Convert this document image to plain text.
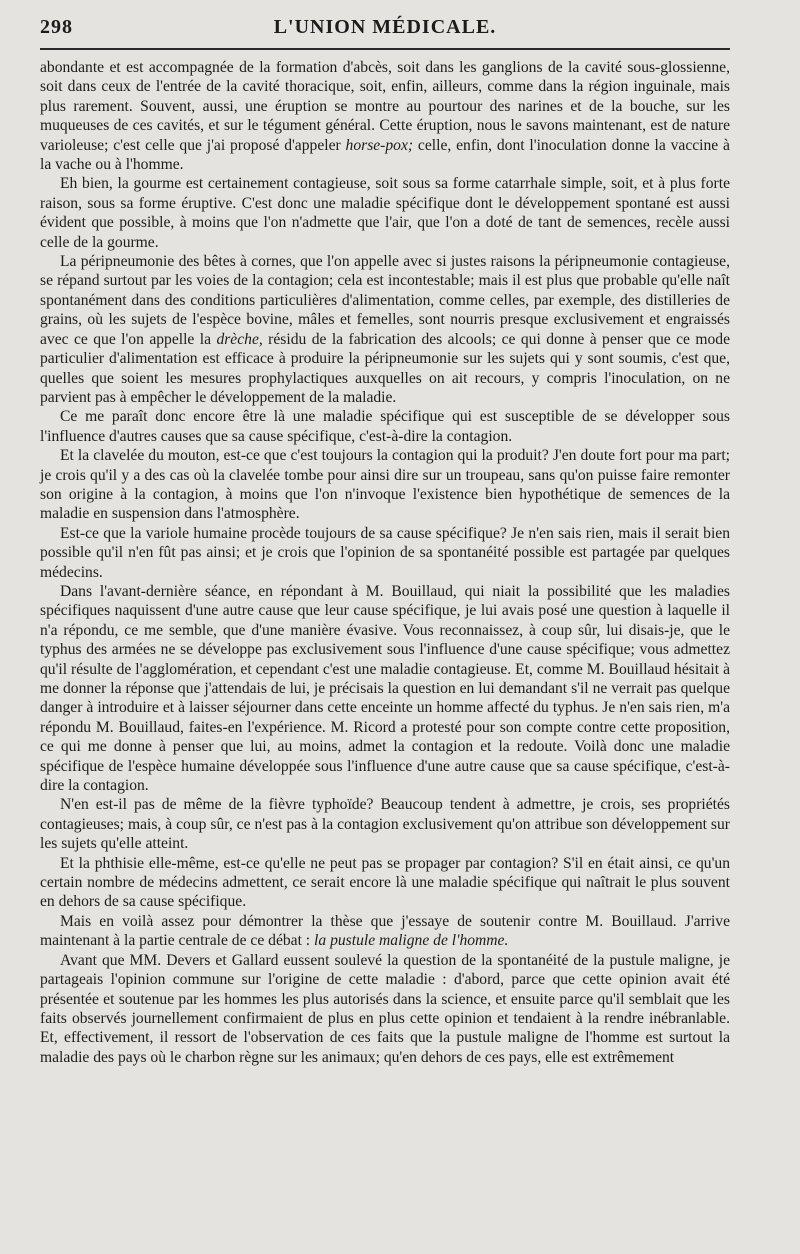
298	L'UNION MÉDICALE.

abondante et est accompagnée de la formation d'abcès, soit dans les ganglions de la cavité sous-glossienne, soit dans ceux de l'entrée de la cavité thoracique, soit, enfin, ailleurs, comme dans la région inguinale, mais plus rarement. Souvent, aussi, une éruption se montre au pourtour des narines et de la bouche, sur les muqueuses de ces cavités, et sur le tégument général. Cette éruption, nous le savons maintenant, est de nature varioleuse; c'est celle que j'ai proposé d'appeler horse-pox; celle, enfin, dont l'inoculation donne la vaccine à la vache ou à l'homme.

Eh bien, la gourme est certainement contagieuse, soit sous sa forme catarrhale simple, soit, et à plus forte raison, sous sa forme éruptive. C'est donc une maladie spécifique dont le développement spontané est aussi évident que possible, à moins que l'on n'admette que l'air, que l'on a doté de tant de semences, recèle aussi celle de la gourme.

La péripneumonie des bêtes à cornes, que l'on appelle avec si justes raisons la péripneumonie contagieuse, se répand surtout par les voies de la contagion; cela est incontestable; mais il est plus que probable qu'elle naît spontanément dans des conditions particulières d'alimentation, comme celles, par exemple, des distilleries de grains, où les sujets de l'espèce bovine, mâles et femelles, sont nourris presque exclusivement et engraissés avec ce que l'on appelle la drèche, résidu de la fabrication des alcools; ce qui donne à penser que ce mode particulier d'alimentation est efficace à produire la péripneumonie sur les sujets qui y sont soumis, c'est que, quelles que soient les mesures prophylactiques auxquelles on ait recours, y compris l'inoculation, on ne parvient pas à empêcher le développement de la maladie.

Ce me paraît donc encore être là une maladie spécifique qui est susceptible de se développer sous l'influence d'autres causes que sa cause spécifique, c'est-à-dire la contagion.

Et la clavelée du mouton, est-ce que c'est toujours la contagion qui la produit? J'en doute fort pour ma part; je crois qu'il y a des cas où la clavelée tombe pour ainsi dire sur un troupeau, sans qu'on puisse faire remonter son origine à la contagion, à moins que l'on n'invoque l'existence bien hypothétique de semences de la maladie en suspension dans l'atmosphère.

Est-ce que la variole humaine procède toujours de sa cause spécifique? Je n'en sais rien, mais il serait bien possible qu'il n'en fût pas ainsi; et je crois que l'opinion de sa spontanéité possible est partagée par quelques médecins.

Dans l'avant-dernière séance, en répondant à M. Bouillaud, qui niait la possibilité que les maladies spécifiques naquissent d'une autre cause que leur cause spécifique, je lui avais posé une question à laquelle il n'a répondu, ce me semble, que d'une manière évasive. Vous reconnaissez, à coup sûr, lui disais-je, que le typhus des armées ne se développe pas exclusivement sous l'influence d'une cause spécifique; vous admettez qu'il résulte de l'agglomération, et cependant c'est une maladie contagieuse. Et, comme M. Bouillaud hésitait à me donner la réponse que j'attendais de lui, je précisais la question en lui demandant s'il ne verrait pas quelque danger à introduire et à laisser séjourner dans cette enceinte un homme affecté du typhus. Je n'en sais rien, m'a répondu M. Bouillaud, faites-en l'expérience. M. Ricord a protesté pour son compte contre cette proposition, ce qui me donne à penser que lui, au moins, admet la contagion et la redoute. Voilà donc une maladie spécifique de l'espèce humaine développée sous l'influence d'une autre cause que sa cause spécifique, c'est-à-dire la contagion.

N'en est-il pas de même de la fièvre typhoïde? Beaucoup tendent à admettre, je crois, ses propriétés contagieuses; mais, à coup sûr, ce n'est pas à la contagion exclusivement qu'on attribue son développement sur les sujets qu'elle atteint.

Et la phthisie elle-même, est-ce qu'elle ne peut pas se propager par contagion? S'il en était ainsi, ce qu'un certain nombre de médecins admettent, ce serait encore là une maladie spécifique qui naîtrait le plus souvent en dehors de sa cause spécifique.

Mais en voilà assez pour démontrer la thèse que j'essaye de soutenir contre M. Bouillaud. J'arrive maintenant à la partie centrale de ce débat : la pustule maligne de l'homme.

Avant que MM. Devers et Gallard eussent soulevé la question de la spontanéité de la pustule maligne, je partageais l'opinion commune sur l'origine de cette maladie : d'abord, parce que cette opinion avait été présentée et soutenue par les hommes les plus autorisés dans la science, et ensuite parce qu'il semblait que les faits observés journellement confirmaient de plus en plus cette opinion et tendaient à la rendre inébranlable. Et, effectivement, il ressort de l'observation de ces faits que la pustule maligne de l'homme est surtout la maladie des pays où le charbon règne sur les animaux; qu'en dehors de ces pays, elle est extrêmement
